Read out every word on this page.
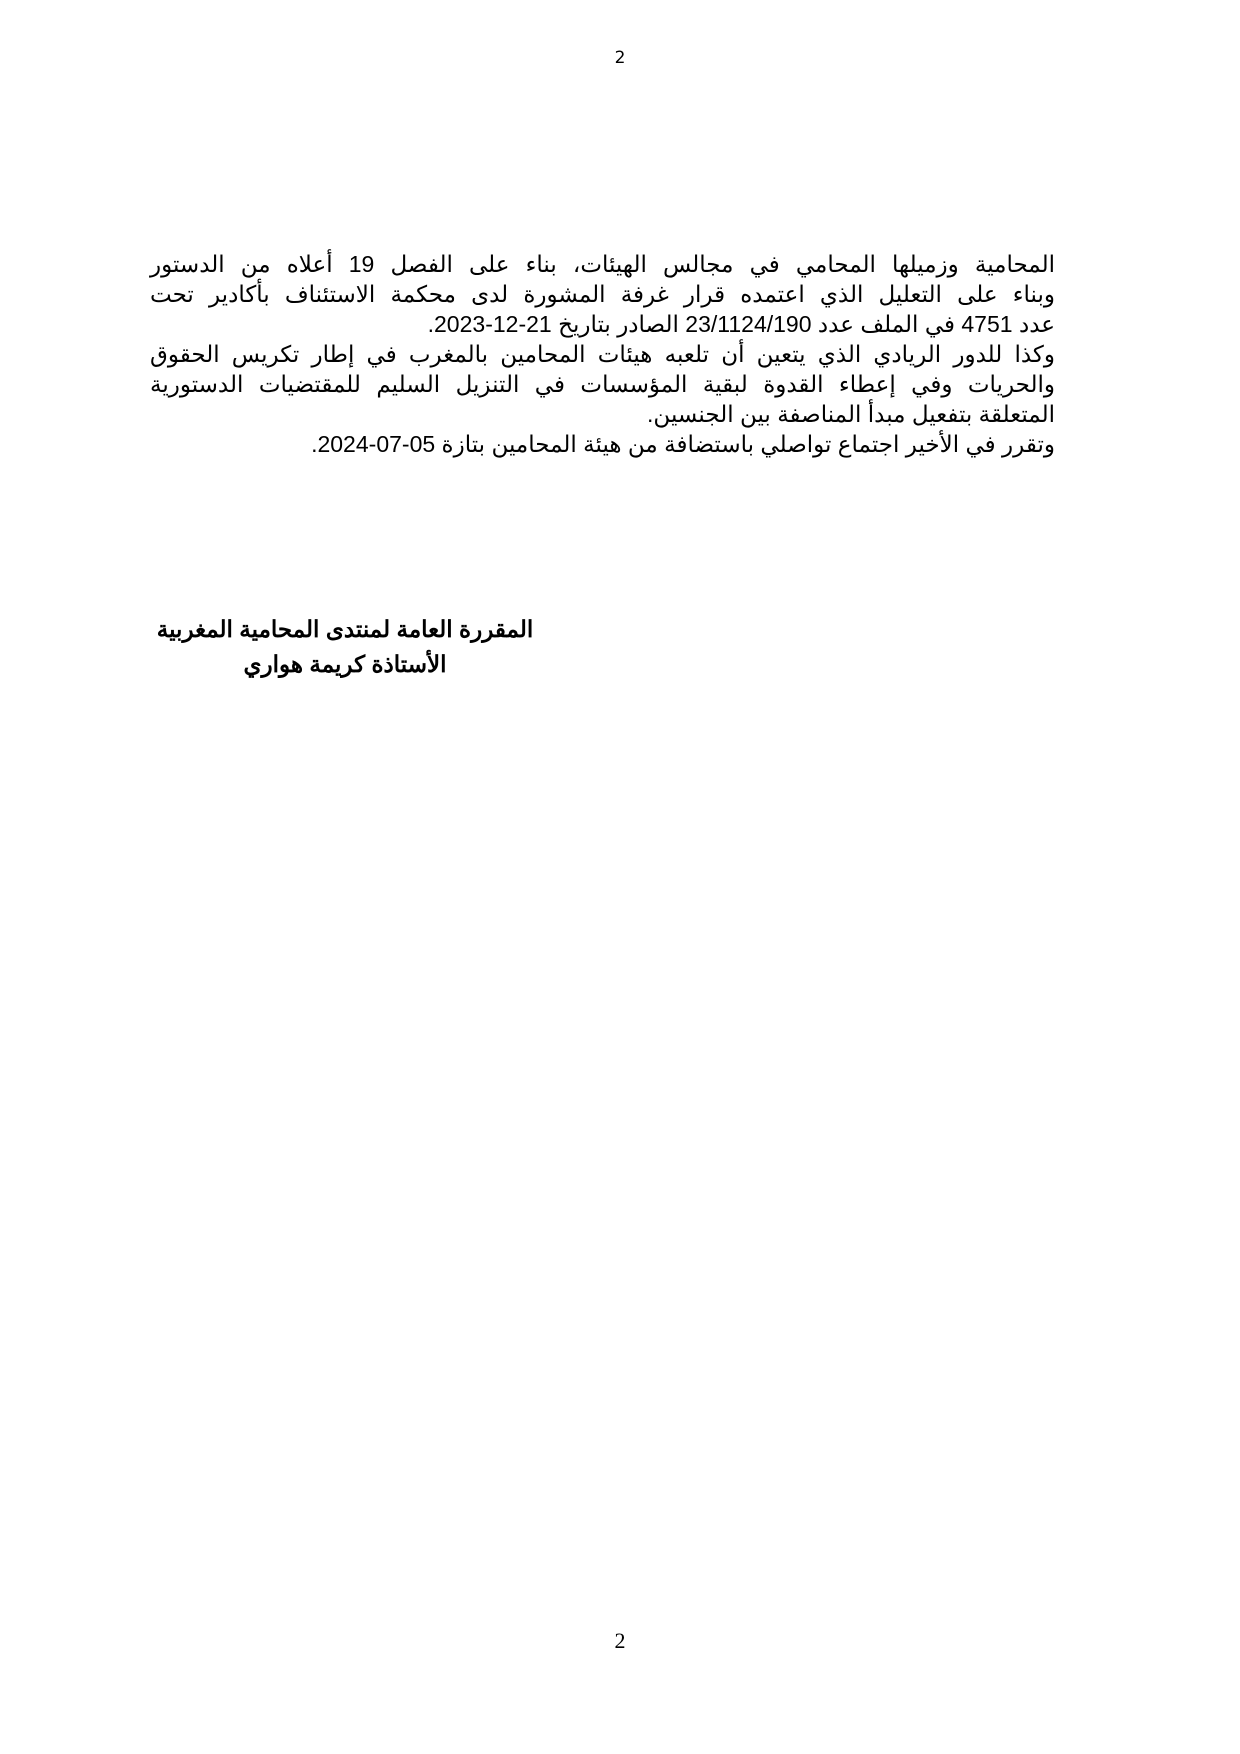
2
المحامية وزميلها المحامي في مجالس الهيئات، بناء على الفصل 19 أعلاه من الدستور
وبناء على التعليل الذي اعتمده قرار غرفة المشورة لدى محكمة الاستئناف بأكادير تحت
عدد 4751 في الملف عدد 23/1124/190 الصادر بتاريخ 21-12-2023.
وكذا للدور الريادي الذي يتعين أن تلعبه هيئات المحامين بالمغرب في إطار تكريس الحقوق
والحريات وفي إعطاء القدوة لبقية المؤسسات في التنزيل السليم للمقتضيات الدستورية
المتعلقة بتفعيل مبدأ المناصفة بين الجنسين.
وتقرر في الأخير اجتماع تواصلي باستضافة من هيئة المحامين بتازة 05-07-2024.
المقررة العامة لمنتدى المحامية المغربية
الأستاذة كريمة هواري
2
